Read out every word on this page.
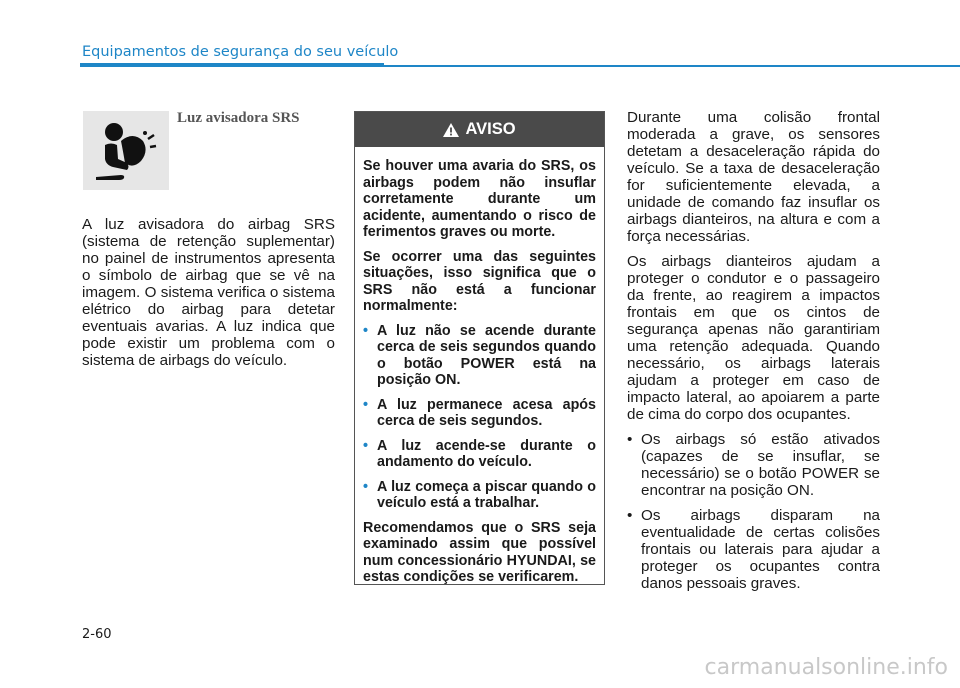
Equipamentos de segurança do seu veículo
Luz avisadora SRS

A luz avisadora do airbag SRS (sistema de retenção suplementar) no painel de instrumentos apresenta o símbolo de airbag que se vê na imagem. O sistema verifica o sistema elétrico do airbag para detetar eventuais avarias. A luz indica que pode existir um problema com o sistema de airbags do veículo.

AVISO

Se houver uma avaria do SRS, os airbags podem não insuflar corretamente durante um acidente, aumentando o risco de ferimentos graves ou morte.

Se ocorrer uma das seguintes situações, isso significa que o SRS não está a funcionar normalmente:

• A luz não se acende durante cerca de seis segundos quando o botão POWER está na posição ON.
• A luz permanece acesa após cerca de seis segundos.
• A luz acende-se durante o andamento do veículo.
• A luz começa a piscar quando o veículo está a trabalhar.

Recomendamos que o SRS seja examinado assim que possível num concessionário HYUNDAI, se estas condições se verificarem.

Durante uma colisão frontal moderada a grave, os sensores detetam a desaceleração rápida do veículo. Se a taxa de desaceleração for suficientemente elevada, a unidade de comando faz insuflar os airbags dianteiros, na altura e com a força necessárias.

Os airbags dianteiros ajudam a proteger o condutor e o passageiro da frente, ao reagirem a impactos frontais em que os cintos de segurança apenas não garantiriam uma retenção adequada. Quando necessário, os airbags laterais ajudam a proteger em caso de impacto lateral, ao apoiarem a parte de cima do corpo dos ocupantes.

• Os airbags só estão ativados (capazes de se insuflar, se necessário) se o botão POWER se encontrar na posição ON.
• Os airbags disparam na eventualidade de certas colisões frontais ou laterais para ajudar a proteger os ocupantes contra danos pessoais graves.
2-60
carmanualsonline.info
